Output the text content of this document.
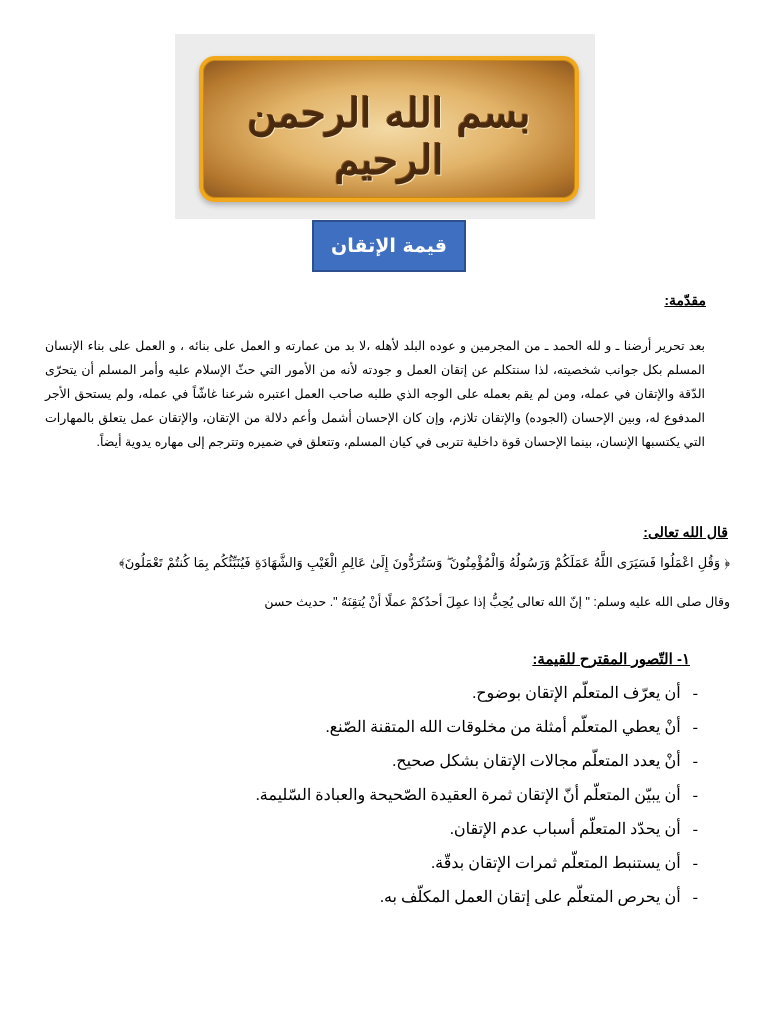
بسم الله الرحمن الرحيم
قيمة الإتقان
مقدّمة:
بعد تحرير أرضنا ـ و لله الحمد ـ من المجرمين و عوده البلد لأهله ،لا بد من عمارته و العمل على بنائه ، و العمل على بناء الإنسان المسلم بكل جوانب شخصيته، لذا سنتكلم عن إتقان العمل و جودته لأنه من الأمور التي حثّ الإسلام عليه وأمر المسلم أن يتحرّى الدّقة والإتقان في عمله، ومن لم يقم بعمله على الوجه الذي طلبه صاحب العمل اعتبره شرعنا غاشّاً في عمله، ولم يستحق الأجر المدفوع له، وبين الإحسان (الجوده) والإتقان تلازم، وإن كان الإحسان أشمل وأعم دلالة من الإتقان، والإتقان عمل يتعلق بالمهارات التي يكتسبها الإنسان، بينما الإحسان قوة داخلية تتربى في كيان المسلم، وتتعلق في ضميره وتترجم إلى مهاره يدوية أيضاً.
قال الله تعالى:
﴿ وَقُلِ اعْمَلُوا فَسَيَرَى اللَّهُ عَمَلَكُمْ وَرَسُولُهُ وَالْمُؤْمِنُونَ ۖ وَسَتُرَدُّونَ إِلَىٰ عَالِمِ الْغَيْبِ وَالشَّهَادَةِ فَيُنَبِّئُكُم بِمَا كُنتُمْ تَعْمَلُونَ﴾
وقال صلى الله عليه وسلم: " إنّ الله تعالى يُحِبُّ إذا عمِلَ أحدُكمْ عملًا أنْ يُتقِنَهُ ". حديث حسن
١- التّصور المقترح للقيمة:
-أن يعرّف المتعلّم الإتقان بوضوح.
-أنْ يعطي المتعلّم أمثلة من مخلوقات الله المتقنة الصّنع.
-أنْ يعدد المتعلّم مجالات الإتقان بشكل صحيح.
-أن يبيّن المتعلّم أنّ الإتقان ثمرة العقيدة الصّحيحة والعبادة السّليمة.
-أن يحدّد المتعلّم أسباب عدم الإتقان.
-أن يستنبط المتعلّم ثمرات الإتقان بدقّة.
-أن يحرص المتعلّم على إتقان العمل المكلّف به.
